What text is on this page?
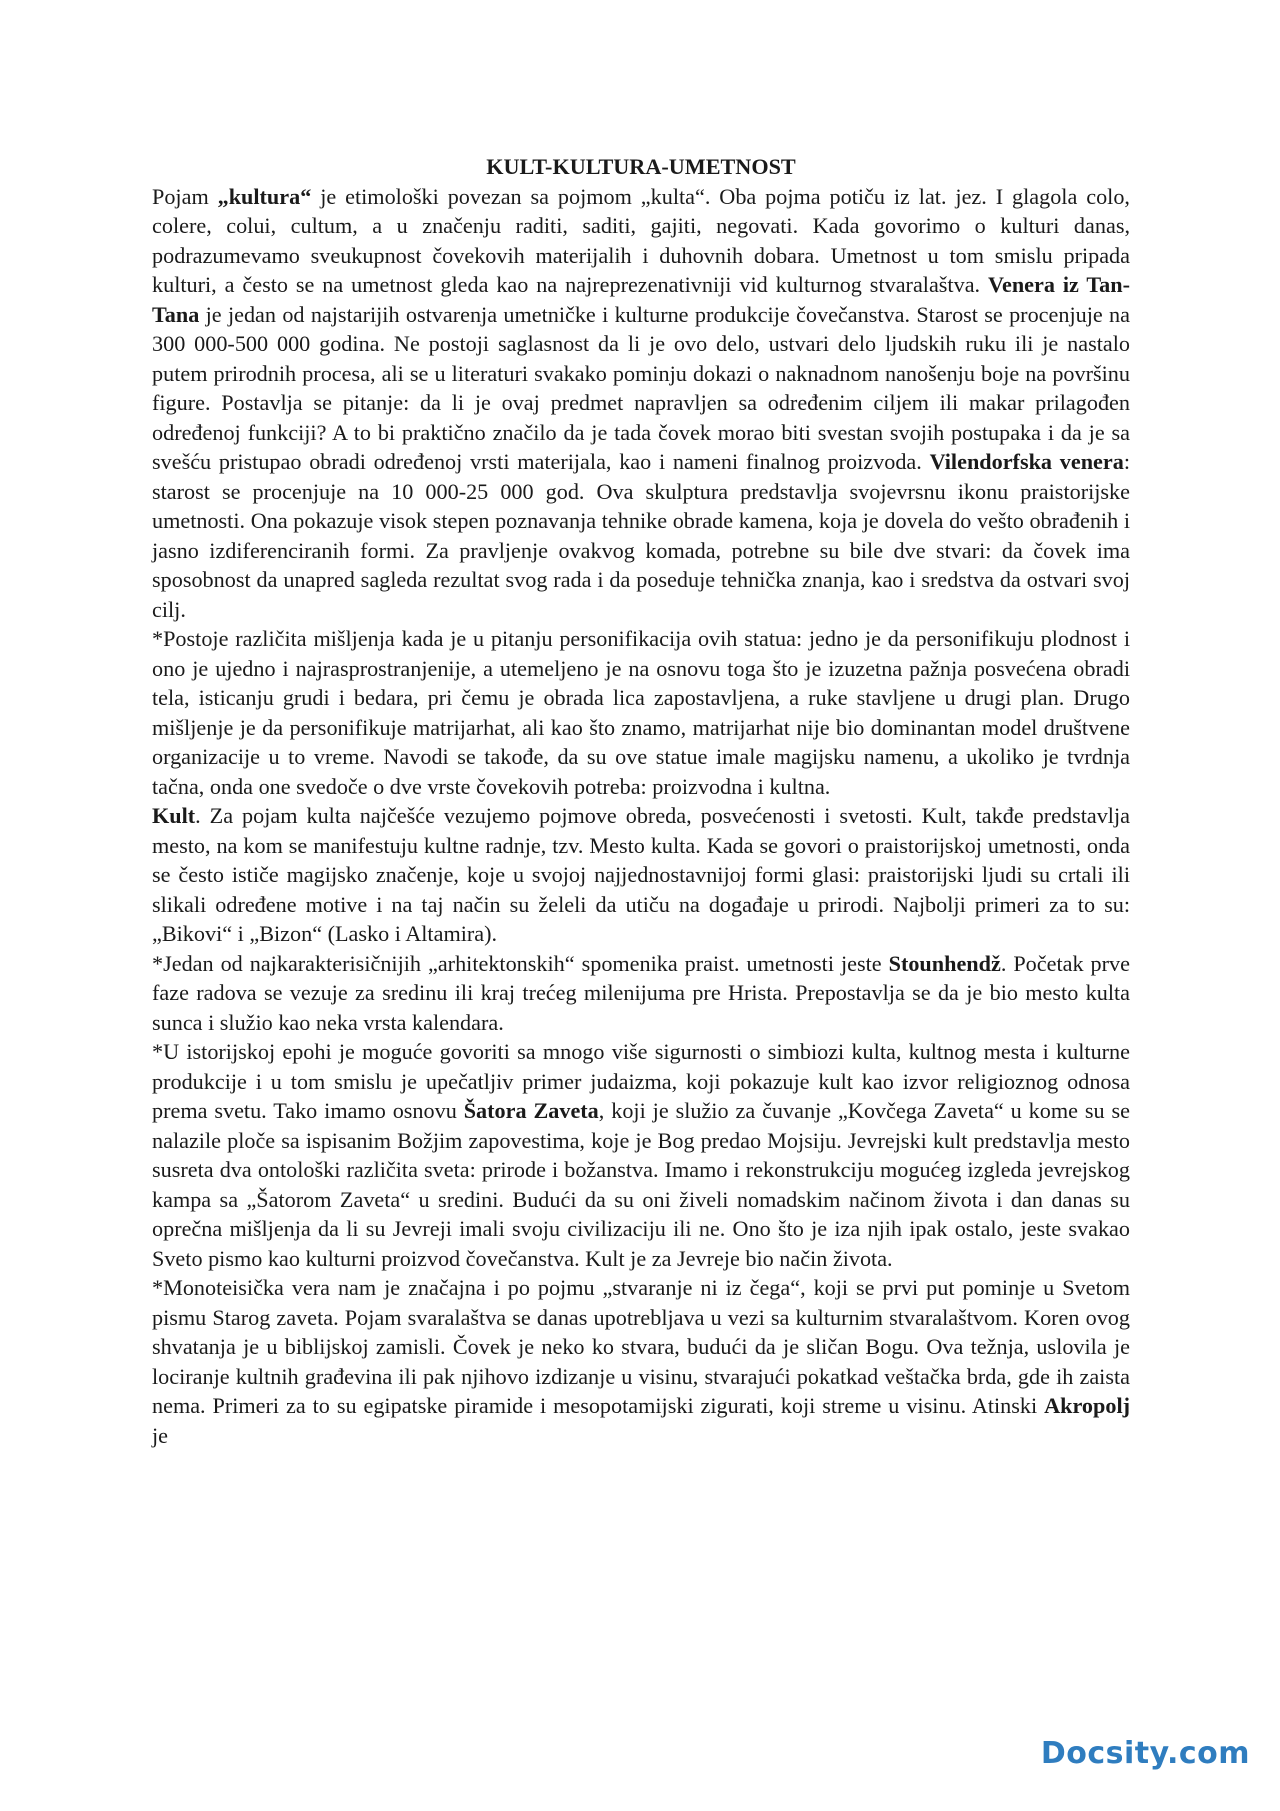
KULT-KULTURA-UMETNOST

Pojam „kultura“ je etimološki povezan sa pojmom „kulta“. Oba pojma potiču iz lat. jez. I glagola colo, colere, colui, cultum, a u značenju raditi, saditi, gajiti, negovati. Kada govorimo o kulturi danas, podrazumevamo sveukupnost čovekovih materijalih i duhovnih dobara. Umetnost u tom smislu pripada kulturi, a često se na umetnost gleda kao na najreprezenativniji vid kulturnog stvaralaštva. Venera iz Tan-Tana je jedan od najstarijih ostvarenja umetničke i kulturne produkcije čovečanstva. Starost se procenjuje na 300 000-500 000 godina. Ne postoji saglasnost da li je ovo delo, ustvari delo ljudskih ruku ili je nastalo putem prirodnih procesa, ali se u literaturi svakako pominju dokazi o naknadnom nanošenju boje na površinu figure. Postavlja se pitanje: da li je ovaj predmet napravljen sa određenim ciljem ili makar prilagođen određenoj funkciji? A to bi praktično značilo da je tada čovek morao biti svestan svojih postupaka i da je sa svešću pristupao obradi određenoj vrsti materijala, kao i nameni finalnog proizvoda. Vilendorfska venera: starost se procenjuje na 10 000-25 000 god. Ova skulptura predstavlja svojevrsnu ikonu praistorijske umetnosti. Ona pokazuje visok stepen poznavanja tehnike obrade kamena, koja je dovela do vešto obrađenih i jasno izdiferenciranih formi. Za pravljenje ovakvog komada, potrebne su bile dve stvari: da čovek ima sposobnost da unapred sagleda rezultat svog rada i da poseduje tehnička znanja, kao i sredstva da ostvari svoj cilj.

*Postoje različita mišljenja kada je u pitanju personifikacija ovih statua: jedno je da personifikuju plodnost i ono je ujedno i najrasprostranjenije, a utemeljeno je na osnovu toga što je izuzetna pažnja posvećena obradi tela, isticanju grudi i bedara, pri čemu je obrada lica zapostavljena, a ruke stavljene u drugi plan. Drugo mišljenje je da personifikuje matrijarhat, ali kao što znamo, matrijarhat nije bio dominantan model društvene organizacije u to vreme. Navodi se takođe, da su ove statue imale magijsku namenu, a ukoliko je tvrdnja tačna, onda one svedoče o dve vrste čovekovih potreba: proizvodna i kultna.

Kult. Za pojam kulta najčešće vezujemo pojmove obreda, posvećenosti i svetosti. Kult, takđe predstavlja mesto, na kom se manifestuju kultne radnje, tzv. Mesto kulta. Kada se govori o praistorijskoj umetnosti, onda se često ističe magijsko značenje, koje u svojoj najjednostavnijoj formi glasi: praistorijski ljudi su crtali ili slikali određene motive i na taj način su želeli da utiču na događaje u prirodi. Najbolji primeri za to su: „Bikovi“ i „Bizon“ (Lasko i Altamira).

*Jedan od najkarakterisičnijih „arhitektonskih“ spomenika praist. umetnosti jeste Stounhendž. Početak prve faze radova se vezuje za sredinu ili kraj trećeg milenijuma pre Hrista. Prepostavlja se da je bio mesto kulta sunca i služio kao neka vrsta kalendara.

*U istorijskoj epohi je moguće govoriti sa mnogo više sigurnosti o simbiozi kulta, kultnog mesta i kulturne produkcije i u tom smislu je upečatljiv primer judaizma, koji pokazuje kult kao izvor religioznog odnosa prema svetu. Tako imamo osnovu Šatora Zaveta, koji je služio za čuvanje „Kovčega Zaveta“ u kome su se nalazile ploče sa ispisanim Božjim zapovestima, koje je Bog predao Mojsiju. Jevrejski kult predstavlja mesto susreta dva ontološki različita sveta: prirode i božanstva. Imamo i rekonstrukciju mogućeg izgleda jevrejskog kampa sa „Šatorom Zaveta“ u sredini. Budući da su oni živeli nomadskim načinom života i dan danas su oprečna mišljenja da li su Jevreji imali svoju civilizaciju ili ne. Ono što je iza njih ipak ostalo, jeste svakao Sveto pismo kao kulturni proizvod čovečanstva. Kult je za Jevreje bio način života.

*Monoteisička vera nam je značajna i po pojmu „stvaranje ni iz čega“, koji se prvi put pominje u Svetom pismu Starog zaveta. Pojam svaralaštva se danas upotrebljava u vezi sa kulturnim stvaralaštvom. Koren ovog shvatanja je u biblijskoj zamisli. Čovek je neko ko stvara, budući da je sličan Bogu. Ova težnja, uslovila je lociranje kultnih građevina ili pak njihovo izdizanje u visinu, stvarajući pokatkad veštačka brda, gde ih zaista nema. Primeri za to su egipatske piramide i mesopotamijski zigurati, koji streme u visinu. Atinski Akropolj je

Docsity.com
